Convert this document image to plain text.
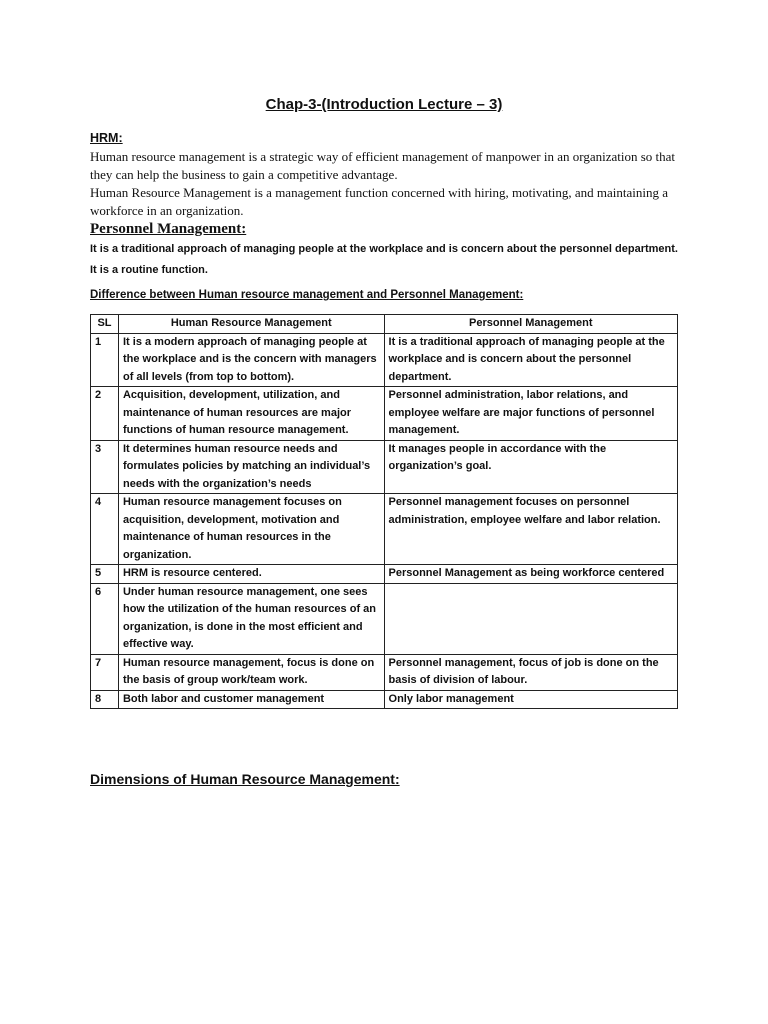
Chap-3-(Introduction Lecture – 3)
HRM:
Human resource management is a strategic way of efficient management of manpower in an organization so that they can help the business to gain a competitive advantage.
Human Resource Management is a management function concerned with hiring, motivating, and maintaining a workforce in an organization.
Personnel Management:
It is a traditional approach of managing people at the workplace and is concern about the personnel department. It is a routine function.
Difference between Human resource management and Personnel Management:
SL	Human Resource Management	Personnel Management
1	It is a modern approach of managing people at the workplace and is the concern with managers of all levels (from top to bottom).	It is a traditional approach of managing people at the workplace and is concern about the personnel department.
2	Acquisition, development, utilization, and maintenance of human resources are major functions of human resource management.	Personnel administration, labor relations, and employee welfare are major functions of personnel management.
3	It determines human resource needs and formulates policies by matching an individual’s needs with the organization’s needs	It manages people in accordance with the organization’s goal.
4	Human resource management focuses on acquisition, development, motivation and maintenance of human resources in the organization.	Personnel management focuses on personnel administration, employee welfare and labor relation.
5	HRM is resource centered.	Personnel Management as being workforce centered
6	Under human resource management, one sees how the utilization of the human resources of an organization, is done in the most efficient and effective way.	
7	Human resource management, focus is done on the basis of group work/team work.	Personnel management, focus of job is done on the basis of division of labour.
8	Both labor and customer management	Only labor management
Dimensions of Human Resource Management:
